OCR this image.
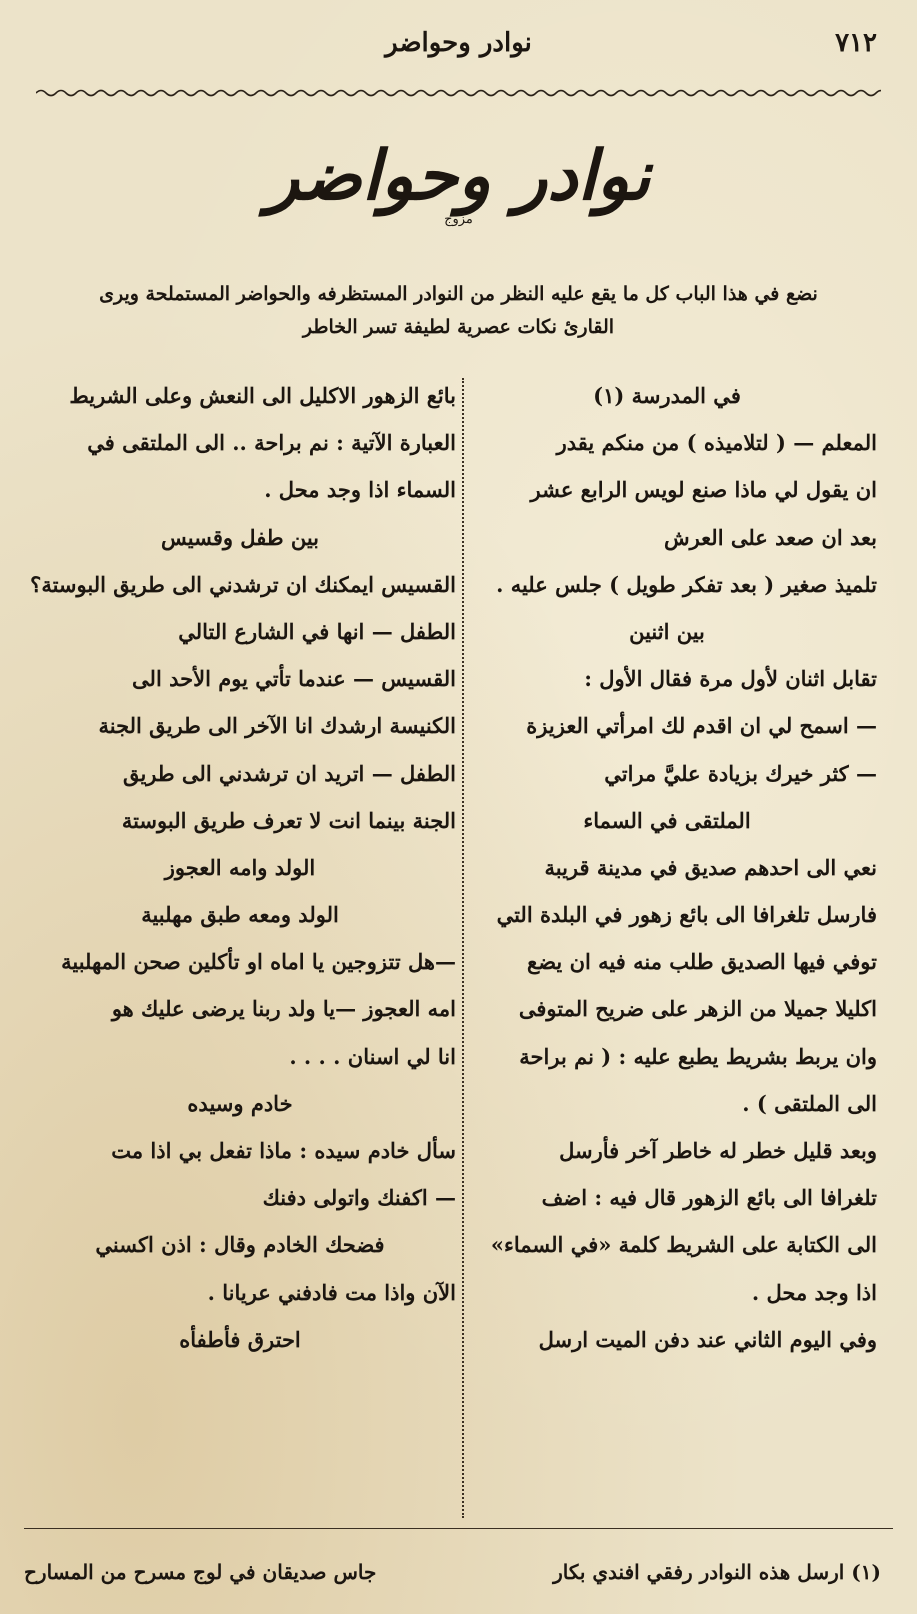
٧١٢
نوادر وحواضر
نوادر وحواضر
مزوج
نضع في هذا الباب كل ما يقع عليه النظر من النوادر المستظرفه والحواضر المستملحة ويرى
القارئ نكات عصرية لطيفة تسر الخاطر
في المدرسة (١)
المعلم — ( لتلاميذه ) من منكم يقدر
ان يقول لي ماذا صنع لويس الرابع عشر
بعد ان صعد على العرش
تلميذ صغير ( بعد تفكر طويل ) جلس عليه .
بين اثنين
تقابل اثنان لأول مرة فقال الأول :
— اسمح لي ان اقدم لك امرأتي العزيزة
— كثر خيرك بزيادة عليَّ مراتي
الملتقى في السماء
نعي الى احدهم صديق في مدينة قريبة
فارسل تلغرافا الى بائع زهور في البلدة التي
توفي فيها الصديق طلب منه فيه ان يضع
اكليلا جميلا من الزهر على ضريح المتوفى
وان يربط بشريط يطبع عليه : ( نم براحة
الى الملتقى ) .
وبعد قليل خطر له خاطر آخر فأرسل
تلغرافا الى بائع الزهور قال فيه : اضف
الى الكتابة على الشريط كلمة «في السماء»
اذا وجد محل .
وفي اليوم الثاني عند دفن الميت ارسل
بائع الزهور الاكليل الى النعش وعلى الشريط
العبارة الآتية : نم براحة .. الى الملتقى في
السماء اذا وجد محل .
بين طفل وقسيس
القسيس ايمكنك ان ترشدني الى طريق البوستة؟
الطفل — انها في الشارع التالي
القسيس — عندما تأتي يوم الأحد الى
الكنيسة ارشدك انا الآخر الى طريق الجنة
الطفل — اتريد ان ترشدني الى طريق
الجنة بينما انت لا تعرف طريق البوستة
الولد وامه العجوز
الولد ومعه طبق مهلبية
—هل تتزوجين يا اماه او تأكلين صحن المهلبية
امه العجوز —يا ولد ربنا يرضى عليك هو
انا لي اسنان . . . .
خادم وسيده
سأل خادم سيده : ماذا تفعل بي اذا مت
— اكفنك واتولى دفنك
فضحك الخادم وقال : اذن اكسني
الآن واذا مت فادفني عريانا .
احترق فأطفأه
(١) ارسل هذه النوادر رفقي افندي بكار
جاس صديقان في لوج مسرح من المسارح
